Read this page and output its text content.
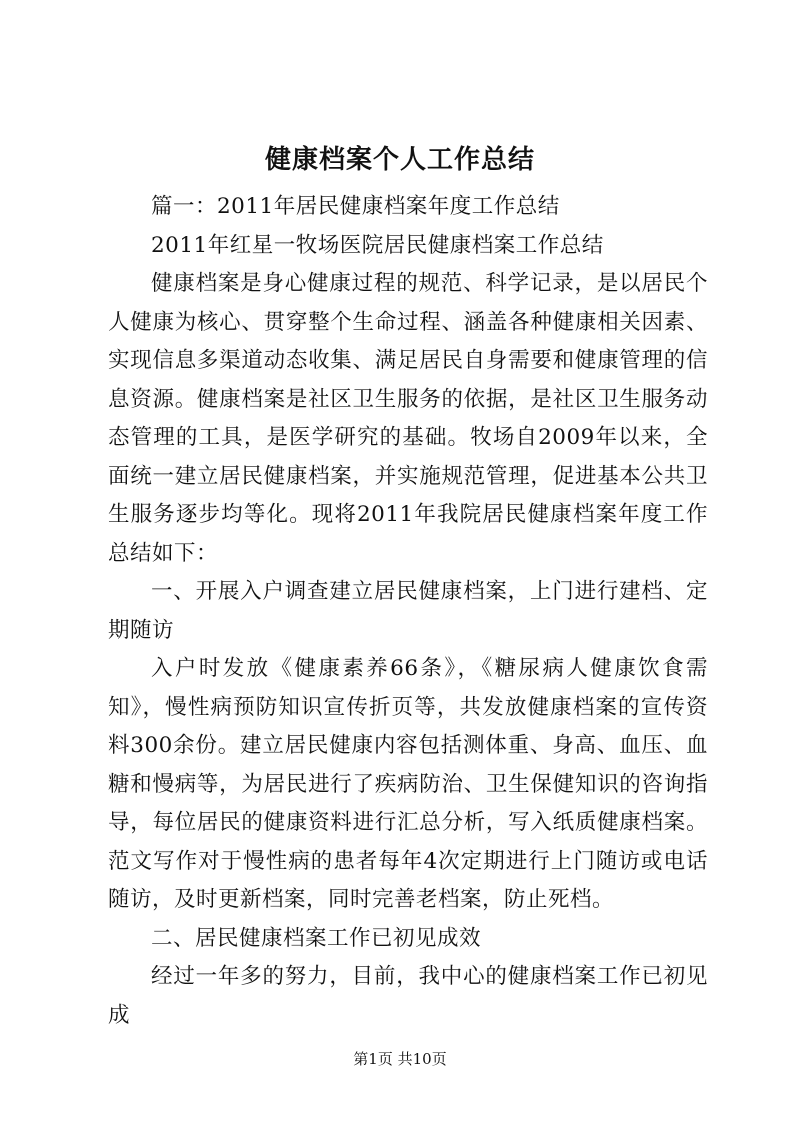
健康档案个人工作总结

篇一：2011年居民健康档案年度工作总结

2011年红星一牧场医院居民健康档案工作总结

健康档案是身心健康过程的规范、科学记录，是以居民个人健康为核心、贯穿整个生命过程、涵盖各种健康相关因素、实现信息多渠道动态收集、满足居民自身需要和健康管理的信息资源。健康档案是社区卫生服务的依据，是社区卫生服务动态管理的工具，是医学研究的基础。牧场自2009年以来，全面统一建立居民健康档案，并实施规范管理，促进基本公共卫生服务逐步均等化。现将2011年我院居民健康档案年度工作总结如下：

一、开展入户调查建立居民健康档案，上门进行建档、定期随访

入户时发放《健康素养66条》，《糖尿病人健康饮食需知》，慢性病预防知识宣传折页等，共发放健康档案的宣传资料300余份。建立居民健康内容包括测体重、身高、血压、血糖和慢病等，为居民进行了疾病防治、卫生保健知识的咨询指导，每位居民的健康资料进行汇总分析，写入纸质健康档案。范文写作对于慢性病的患者每年4次定期进行上门随访或电话随访，及时更新档案，同时完善老档案，防止死档。

二、居民健康档案工作已初见成效

经过一年多的努力，目前，我中心的健康档案工作已初见成

第1页 共10页
